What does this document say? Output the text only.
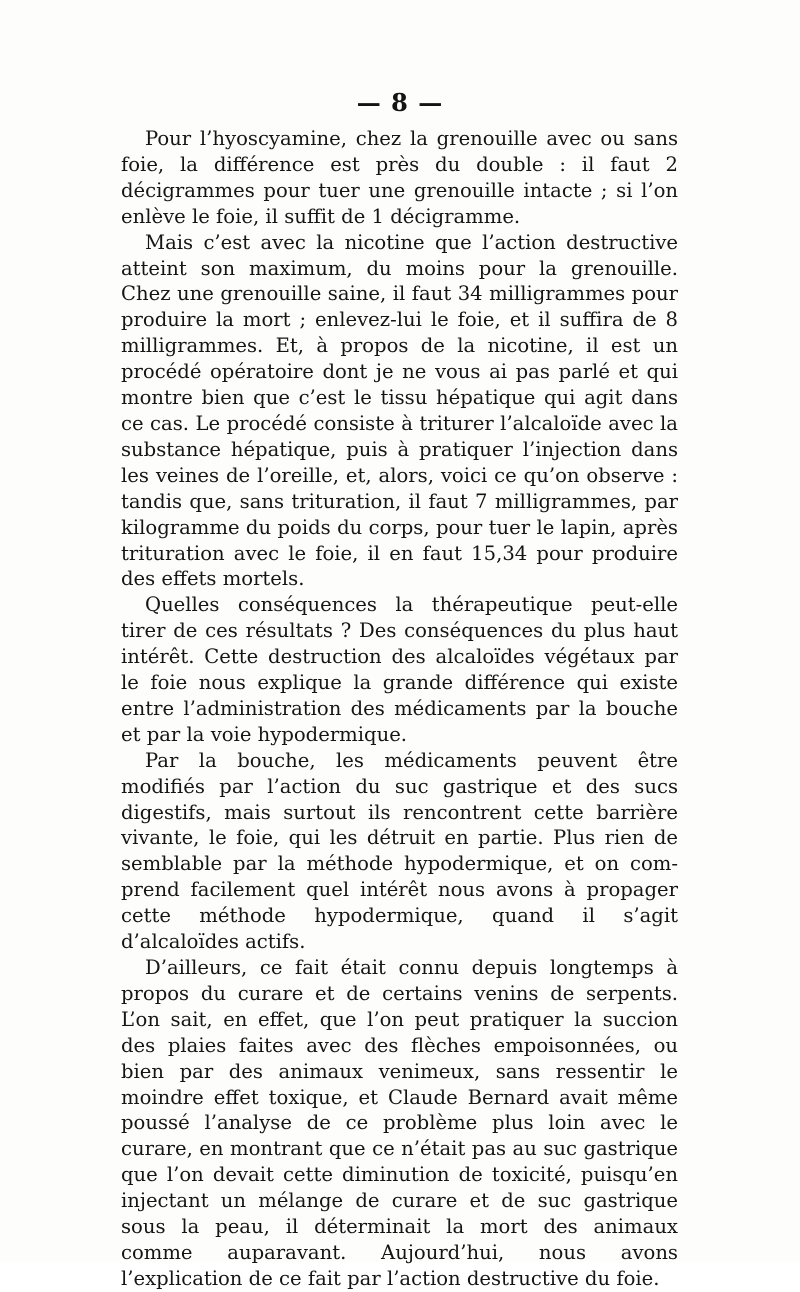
— 8 —

Pour l’hyoscyamine, chez la grenouille avec ou sans foie, la différence est près du double : il faut 2 décigrammes pour tuer une grenouille intacte ; si l’on enlève le foie, il suffit de 1 décigramme.

Mais c’est avec la nicotine que l’action destructive atteint son maximum, du moins pour la grenouille. Chez une grenouille saine, il faut 34 milligrammes pour produire la mort ; enlevez-lui le foie, et il suffira de 8 milligrammes. Et, à propos de la nicotine, il est un procédé opératoire dont je ne vous ai pas parlé et qui montre bien que c’est le tissu hépatique qui agit dans ce cas. Le procédé consiste à triturer l’alcaloïde avec la substance hépatique, puis à pratiquer l’injection dans les veines de l’oreille, et, alors, voici ce qu’on observe : tandis que, sans trituration, il faut 7 milligrammes, par kilogramme du poids du corps, pour tuer le lapin, après trituration avec le foie, il en faut 15,34 pour produire des effets mortels.

Quelles conséquences la thérapeutique peut-elle tirer de ces résultats ? Des conséquences du plus haut intérêt. Cette destruction des alcaloïdes végétaux par le foie nous explique la grande différence qui existe entre l’administration des médicaments par la bouche et par la voie hypodermique.

Par la bouche, les médicaments peuvent être modifiés par l’action du suc gastrique et des sucs digestifs, mais surtout ils rencontrent cette barrière vivante, le foie, qui les détruit en partie. Plus rien de semblable par la méthode hypodermique, et on comprend facilement quel intérêt nous avons à propager cette méthode hypodermique, quand il s’agit d’alcaloïdes actifs.

D’ailleurs, ce fait était connu depuis longtemps à propos du curare et de certains venins de serpents. L’on sait, en effet, que l’on peut pratiquer la succion des plaies faites avec des flèches empoisonnées, ou bien par des animaux venimeux, sans ressentir le moindre effet toxique, et Claude Bernard avait même poussé l’analyse de ce problème plus loin avec le curare, en montrant que ce n’était pas au suc gastrique que l’on devait cette diminution de toxicité, puisqu’en injectant un mélange de curare et de suc gastrique sous la peau, il déterminait la mort des animaux comme auparavant. Aujourd’hui, nous avons l’explication de ce fait par l’action destructive du foie.
